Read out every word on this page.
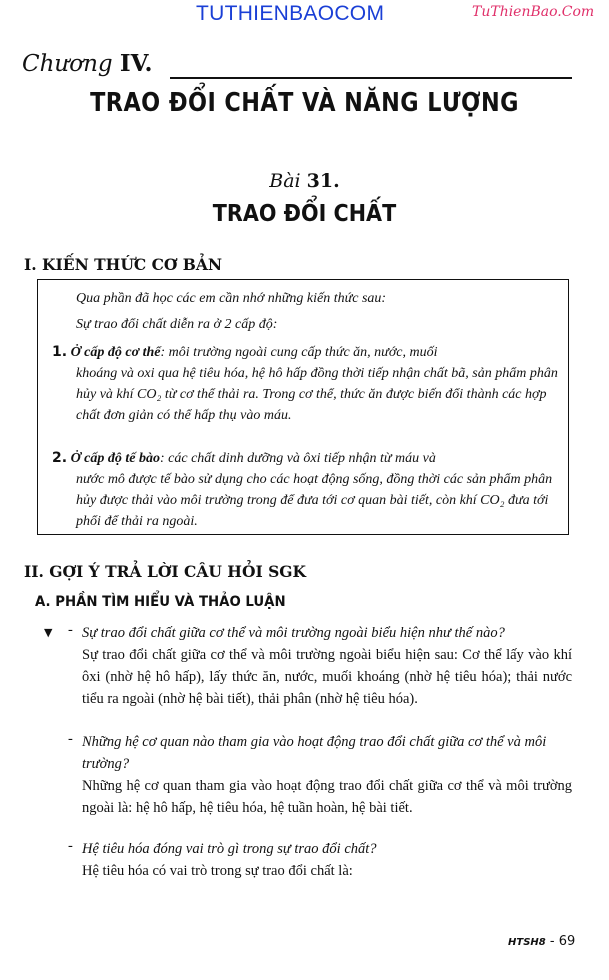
TUTHIENBAOCOM	TuThienBao.Com
Chương IV.
TRAO ĐỔI CHẤT VÀ NĂNG LƯỢNG
Bài 31.
TRAO ĐỔI CHẤT
I. KIẾN THỨC CƠ BẢN

Qua phần đã học các em cần nhớ những kiến thức sau:

Sự trao đổi chất diễn ra ở 2 cấp độ:

1. Ở cấp độ cơ thể: môi trường ngoài cung cấp thức ăn, nước, muối
khoáng và oxi qua hệ tiêu hóa, hệ hô hấp đồng thời tiếp nhận chất bã, sản phẩm phân hủy và khí CO₂ từ cơ thể thải ra. Trong cơ thể, thức ăn được biến đổi thành các hợp chất đơn giản có thể hấp thụ vào máu.

2. Ở cấp độ tế bào: các chất dinh dưỡng và ôxi tiếp nhận từ máu và
nước mô được tế bào sử dụng cho các hoạt động sống, đồng thời các sản phẩm phân hủy được thải vào môi trường trong để đưa tới cơ quan bài tiết, còn khí CO₂ đưa tới phổi để thải ra ngoài.

II. GỢI Ý TRẢ LỜI CÂU HỎI SGK
A. PHẦN TÌM HIỂU VÀ THẢO LUẬN
▼ - Sự trao đổi chất giữa cơ thể và môi trường ngoài biểu hiện như thế nào?

Sự trao đổi chất giữa cơ thể và môi trường ngoài biểu hiện sau: Cơ thể lấy vào khí ôxi (nhờ hệ hô hấp), lấy thức ăn, nước, muối khoáng (nhờ hệ tiêu hóa); thải nước tiểu ra ngoài (nhờ hệ bài tiết), thải phân (nhờ hệ tiêu hóa).

- Những hệ cơ quan nào tham gia vào hoạt động trao đổi chất giữa cơ thể và môi trường?

Những hệ cơ quan tham gia vào hoạt động trao đổi chất giữa cơ thể và môi trường ngoài là: hệ hô hấp, hệ tiêu hóa, hệ tuần hoàn, hệ bài tiết.

- Hệ tiêu hóa đóng vai trò gì trong sự trao đổi chất?

Hệ tiêu hóa có vai trò trong sự trao đổi chất là:

HTSH8 - 69
